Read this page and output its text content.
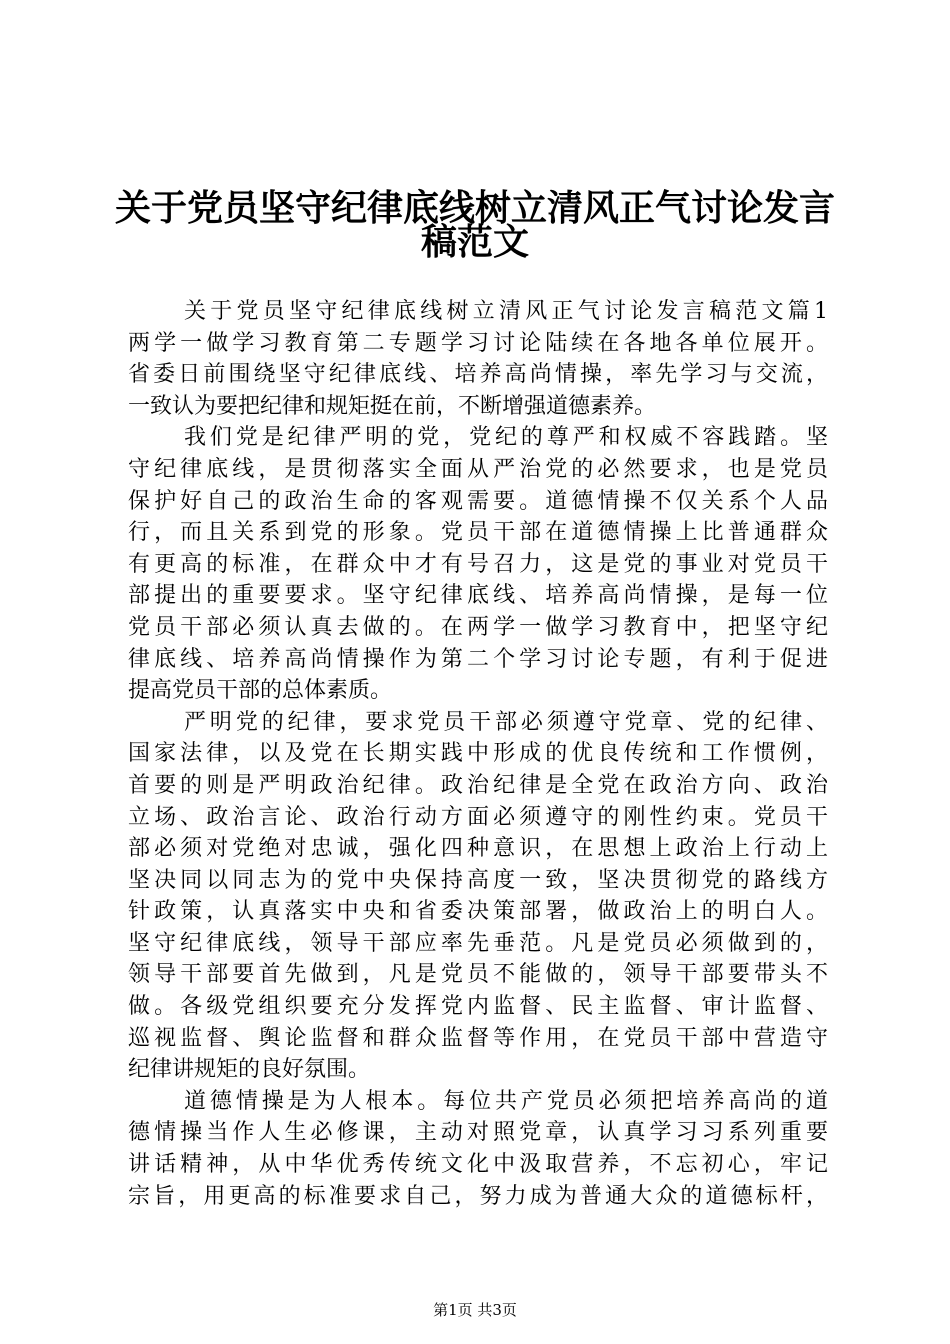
关于党员坚守纪律底线树立清风正气讨论发言
稿范文
关于党员坚守纪律底线树立清风正气讨论发言稿范文篇1
两学一做学习教育第二专题学习讨论陆续在各地各单位展开。
省委日前围绕坚守纪律底线、培养高尚情操，率先学习与交流，
一致认为要把纪律和规矩挺在前，不断增强道德素养。
我们党是纪律严明的党，党纪的尊严和权威不容践踏。坚
守纪律底线，是贯彻落实全面从严治党的必然要求，也是党员
保护好自己的政治生命的客观需要。道德情操不仅关系个人品
行，而且关系到党的形象。党员干部在道德情操上比普通群众
有更高的标准，在群众中才有号召力，这是党的事业对党员干
部提出的重要要求。坚守纪律底线、培养高尚情操，是每一位
党员干部必须认真去做的。在两学一做学习教育中，把坚守纪
律底线、培养高尚情操作为第二个学习讨论专题，有利于促进
提高党员干部的总体素质。
严明党的纪律，要求党员干部必须遵守党章、党的纪律、
国家法律，以及党在长期实践中形成的优良传统和工作惯例，
首要的则是严明政治纪律。政治纪律是全党在政治方向、政治
立场、政治言论、政治行动方面必须遵守的刚性约束。党员干
部必须对党绝对忠诚，强化四种意识，在思想上政治上行动上
坚决同以同志为的党中央保持高度一致，坚决贯彻党的路线方
针政策，认真落实中央和省委决策部署，做政治上的明白人。
坚守纪律底线，领导干部应率先垂范。凡是党员必须做到的，
领导干部要首先做到，凡是党员不能做的，领导干部要带头不
做。各级党组织要充分发挥党内监督、民主监督、审计监督、
巡视监督、舆论监督和群众监督等作用，在党员干部中营造守
纪律讲规矩的良好氛围。
道德情操是为人根本。每位共产党员必须把培养高尚的道
德情操当作人生必修课，主动对照党章，认真学习习系列重要
讲话精神，从中华优秀传统文化中汲取营养，不忘初心，牢记
宗旨，用更高的标准要求自己，努力成为普通大众的道德标杆，
第1页 共3页
